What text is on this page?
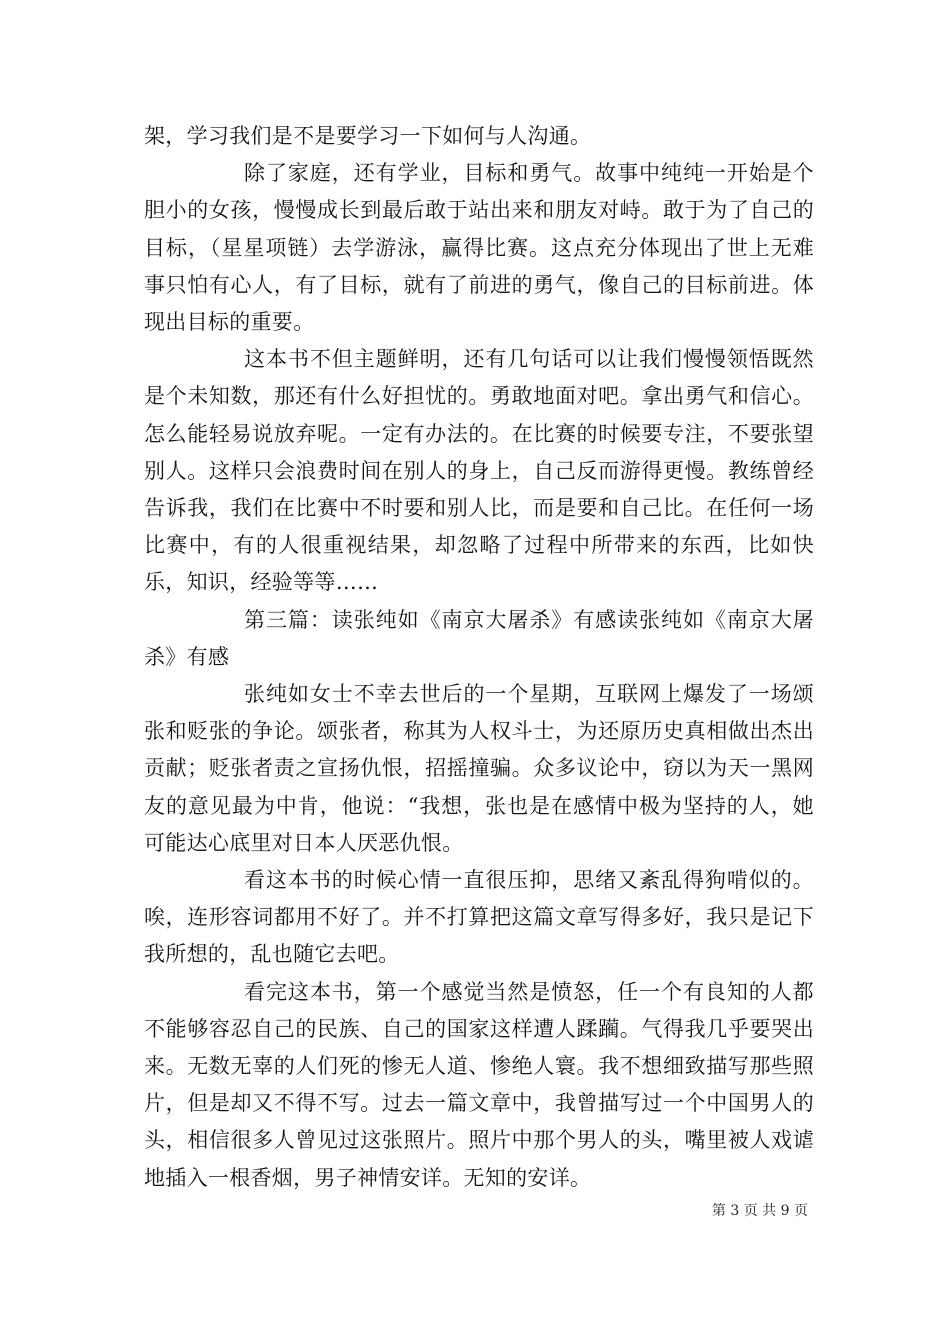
架，学习我们是不是要学习一下如何与人沟通。

除了家庭，还有学业，目标和勇气。故事中纯纯一开始是个胆小的女孩，慢慢成长到最后敢于站出来和朋友对峙。敢于为了自己的目标，（星星项链）去学游泳，赢得比赛。这点充分体现出了世上无难事只怕有心人，有了目标，就有了前进的勇气，像自己的目标前进。体现出目标的重要。

这本书不但主题鲜明，还有几句话可以让我们慢慢领悟既然是个未知数，那还有什么好担忧的。勇敢地面对吧。拿出勇气和信心。怎么能轻易说放弃呢。一定有办法的。在比赛的时候要专注，不要张望别人。这样只会浪费时间在别人的身上，自己反而游得更慢。教练曾经告诉我，我们在比赛中不时要和别人比，而是要和自己比。在任何一场比赛中，有的人很重视结果，却忽略了过程中所带来的东西，比如快乐，知识，经验等等……

第三篇：读张纯如《南京大屠杀》有感读张纯如《南京大屠杀》有感

张纯如女士不幸去世后的一个星期，互联网上爆发了一场颂张和贬张的争论。颂张者，称其为人权斗士，为还原历史真相做出杰出贡献；贬张者责之宣扬仇恨，招摇撞骗。众多议论中，窃以为天一黑网友的意见最为中肯，他说：“我想，张也是在感情中极为坚持的人，她可能达心底里对日本人厌恶仇恨。

看这本书的时候心情一直很压抑，思绪又紊乱得狗啃似的。唉，连形容词都用不好了。并不打算把这篇文章写得多好，我只是记下我所想的，乱也随它去吧。

看完这本书，第一个感觉当然是愤怒，任一个有良知的人都不能够容忍自己的民族、自己的国家这样遭人蹂躏。气得我几乎要哭出来。无数无辜的人们死的惨无人道、惨绝人寰。我不想细致描写那些照片，但是却又不得不写。过去一篇文章中，我曾描写过一个中国男人的头，相信很多人曾见过这张照片。照片中那个男人的头，嘴里被人戏谑地插入一根香烟，男子神情安详。无知的安详。

第 3 页 共 9 页
